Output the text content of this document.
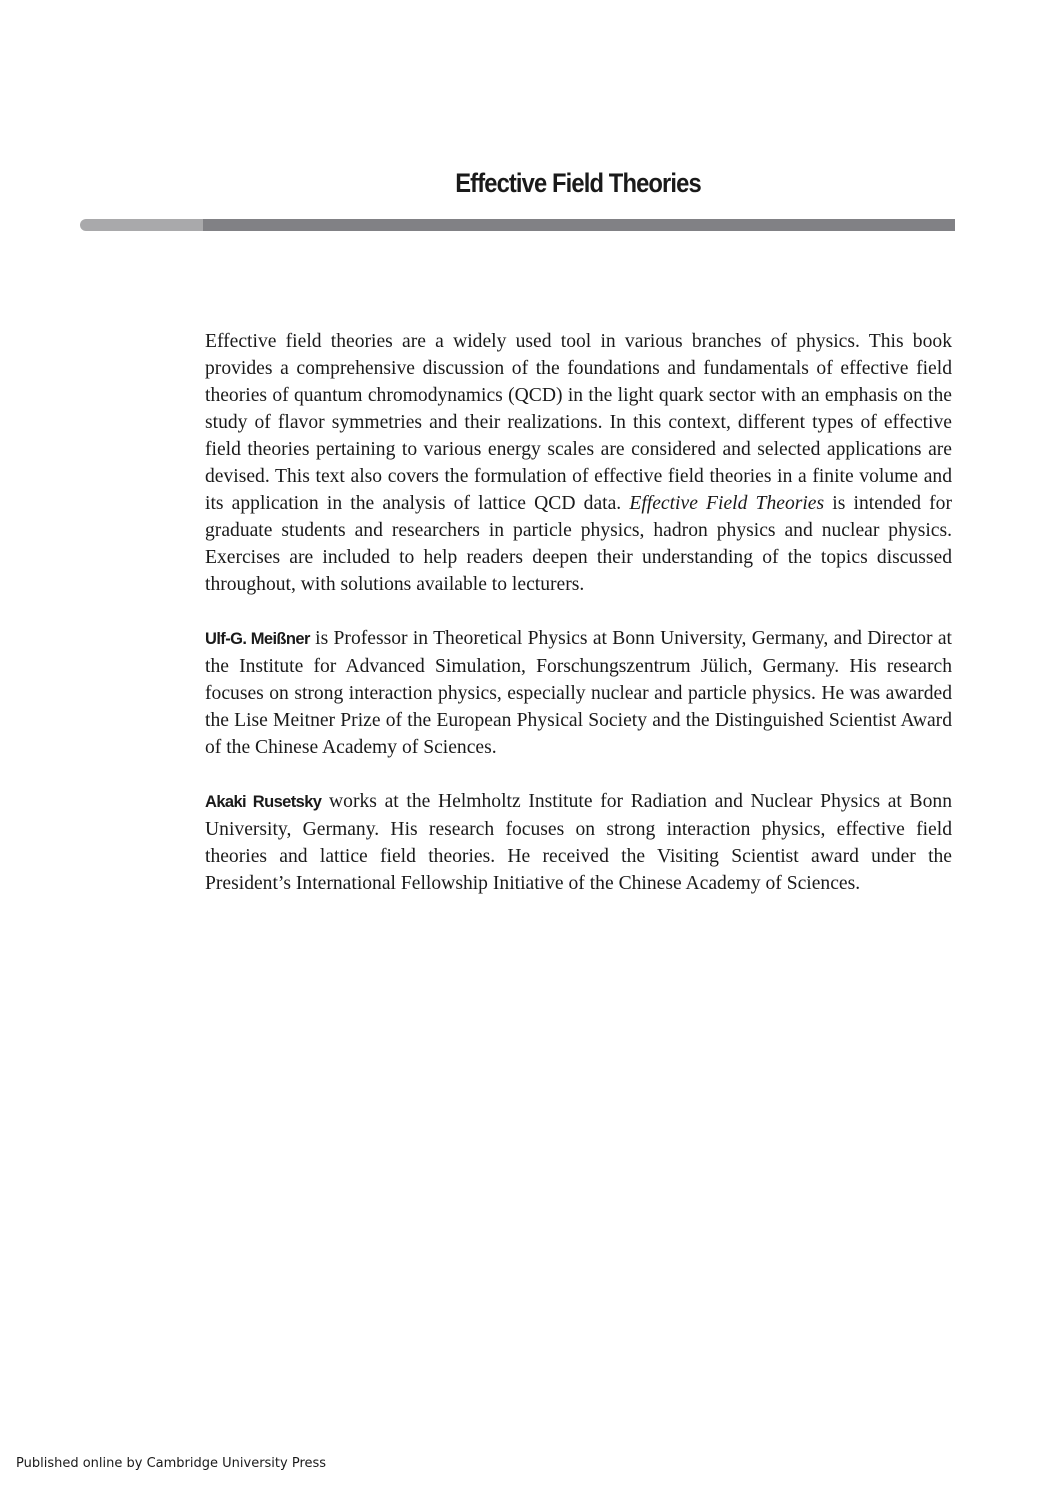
Effective Field Theories

Effective field theories are a widely used tool in various branches of physics. This book provides a comprehensive discussion of the foundations and fundamentals of effective field theories of quantum chromodynamics (QCD) in the light quark sector with an emphasis on the study of flavor symmetries and their realizations. In this context, different types of effective field theories pertaining to various energy scales are considered and selected applications are devised. This text also covers the formulation of effective field theories in a finite volume and its application in the analysis of lattice QCD data. Effective Field Theories is intended for graduate students and researchers in particle physics, hadron physics and nuclear physics. Exercises are included to help readers deepen their understanding of the topics discussed throughout, with solutions available to lecturers.

Ulf-G. Meißner is Professor in Theoretical Physics at Bonn University, Germany, and Director at the Institute for Advanced Simulation, Forschungszentrum Jülich, Germany. His research focuses on strong interaction physics, especially nuclear and particle physics. He was awarded the Lise Meitner Prize of the European Physical Society and the Distinguished Scientist Award of the Chinese Academy of Sciences.

Akaki Rusetsky works at the Helmholtz Institute for Radiation and Nuclear Physics at Bonn University, Germany. His research focuses on strong interaction physics, effective field theories and lattice field theories. He received the Visiting Scientist award under the President’s International Fellowship Initiative of the Chinese Academy of Sciences.

Published online by Cambridge University Press
